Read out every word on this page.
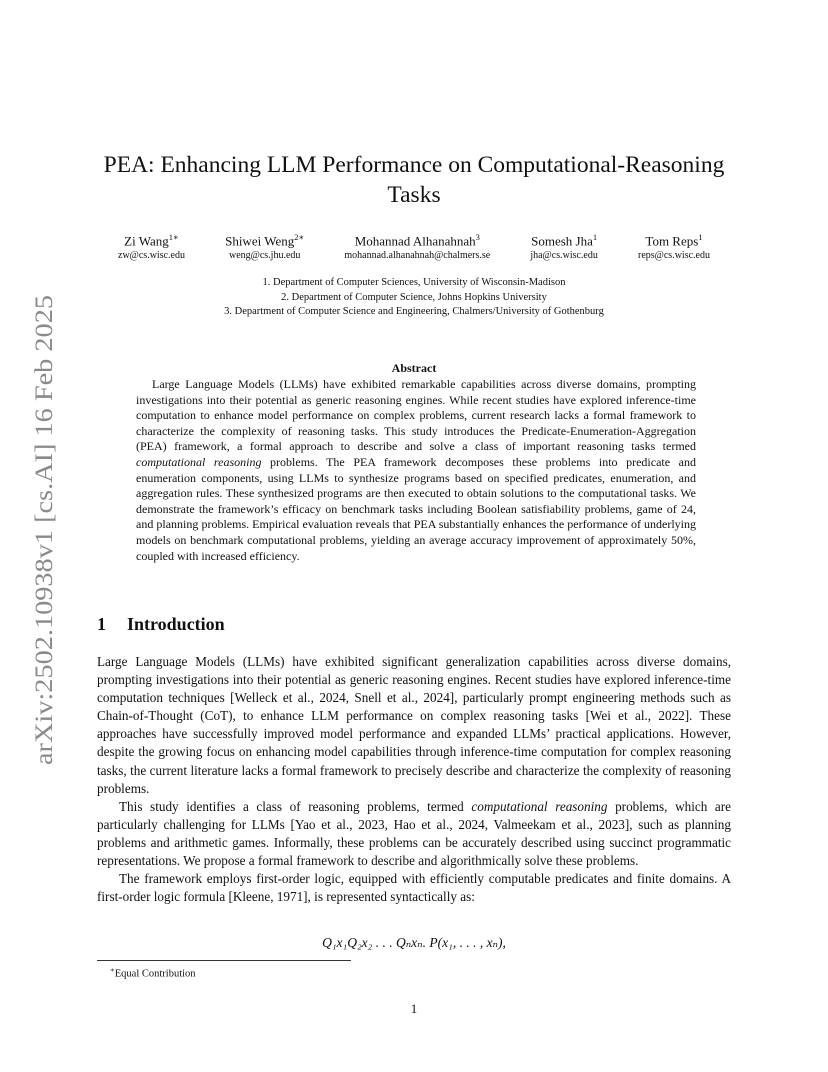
arXiv:2502.10938v1 [cs.AI] 16 Feb 2025
PEA: Enhancing LLM Performance on Computational-Reasoning Tasks
Zi Wang$^{1∗}$
zw@cs.wisc.edu
Shiwei Weng$^{2∗}$
weng@cs.jhu.edu
Mohannad Alhanahnah$^3$
mohannad.alhanahnah@chalmers.se
Somesh Jha$^1$
jha@cs.wisc.edu
Tom Reps$^1$
reps@cs.wisc.edu
1. Department of Computer Sciences, University of Wisconsin-Madison
2. Department of Computer Science, Johns Hopkins University
3. Department of Computer Science and Engineering, Chalmers/University of Gothenburg
Abstract

Large Language Models (LLMs) have exhibited remarkable capabilities across diverse domains, prompting investigations into their potential as generic reasoning engines. While recent studies have explored inference-time computation to enhance model performance on complex problems, current research lacks a formal framework to characterize the complexity of reasoning tasks. This study introduces the Predicate-Enumeration-Aggregation (PEA) framework, a formal approach to describe and solve a class of important reasoning tasks termed computational reasoning problems. The PEA framework decomposes these problems into predicate and enumeration components, using LLMs to synthesize programs based on specified predicates, enumeration, and aggregation rules. These synthesized programs are then executed to obtain solutions to the computational tasks. We demonstrate the framework’s efficacy on benchmark tasks including Boolean satisfiability problems, game of 24, and planning problems. Empirical evaluation reveals that PEA substantially enhances the performance of underlying models on benchmark computational problems, yielding an average accuracy improvement of approximately 50%, coupled with increased efficiency.

1 Introduction

Large Language Models (LLMs) have exhibited significant generalization capabilities across diverse domains, prompting investigations into their potential as generic reasoning engines. Recent studies have explored inference-time computation techniques [Welleck et al., 2024, Snell et al., 2024], particularly prompt engineering methods such as Chain-of-Thought (CoT), to enhance LLM performance on complex reasoning tasks [Wei et al., 2022]. These approaches have successfully improved model performance and expanded LLMs’ practical applications. However, despite the growing focus on enhancing model capabilities through inference-time computation for complex reasoning tasks, the current literature lacks a formal framework to precisely describe and characterize the complexity of reasoning problems.

This study identifies a class of reasoning problems, termed computational reasoning problems, which are particularly challenging for LLMs [Yao et al., 2023, Hao et al., 2024, Valmeekam et al., 2023], such as planning problems and arithmetic games. Informally, these problems can be accurately described using succinct programmatic representations. We propose a formal framework to describe and algorithmically solve these problems.

The framework employs first-order logic, equipped with efficiently computable predicates and finite domains. A first-order logic formula [Kleene, 1971], is represented syntactically as:

Q₁x₁Q₂x₂ . . . Qₙxₙ. P(x₁, . . . , xₙ),
∗Equal Contribution
1
